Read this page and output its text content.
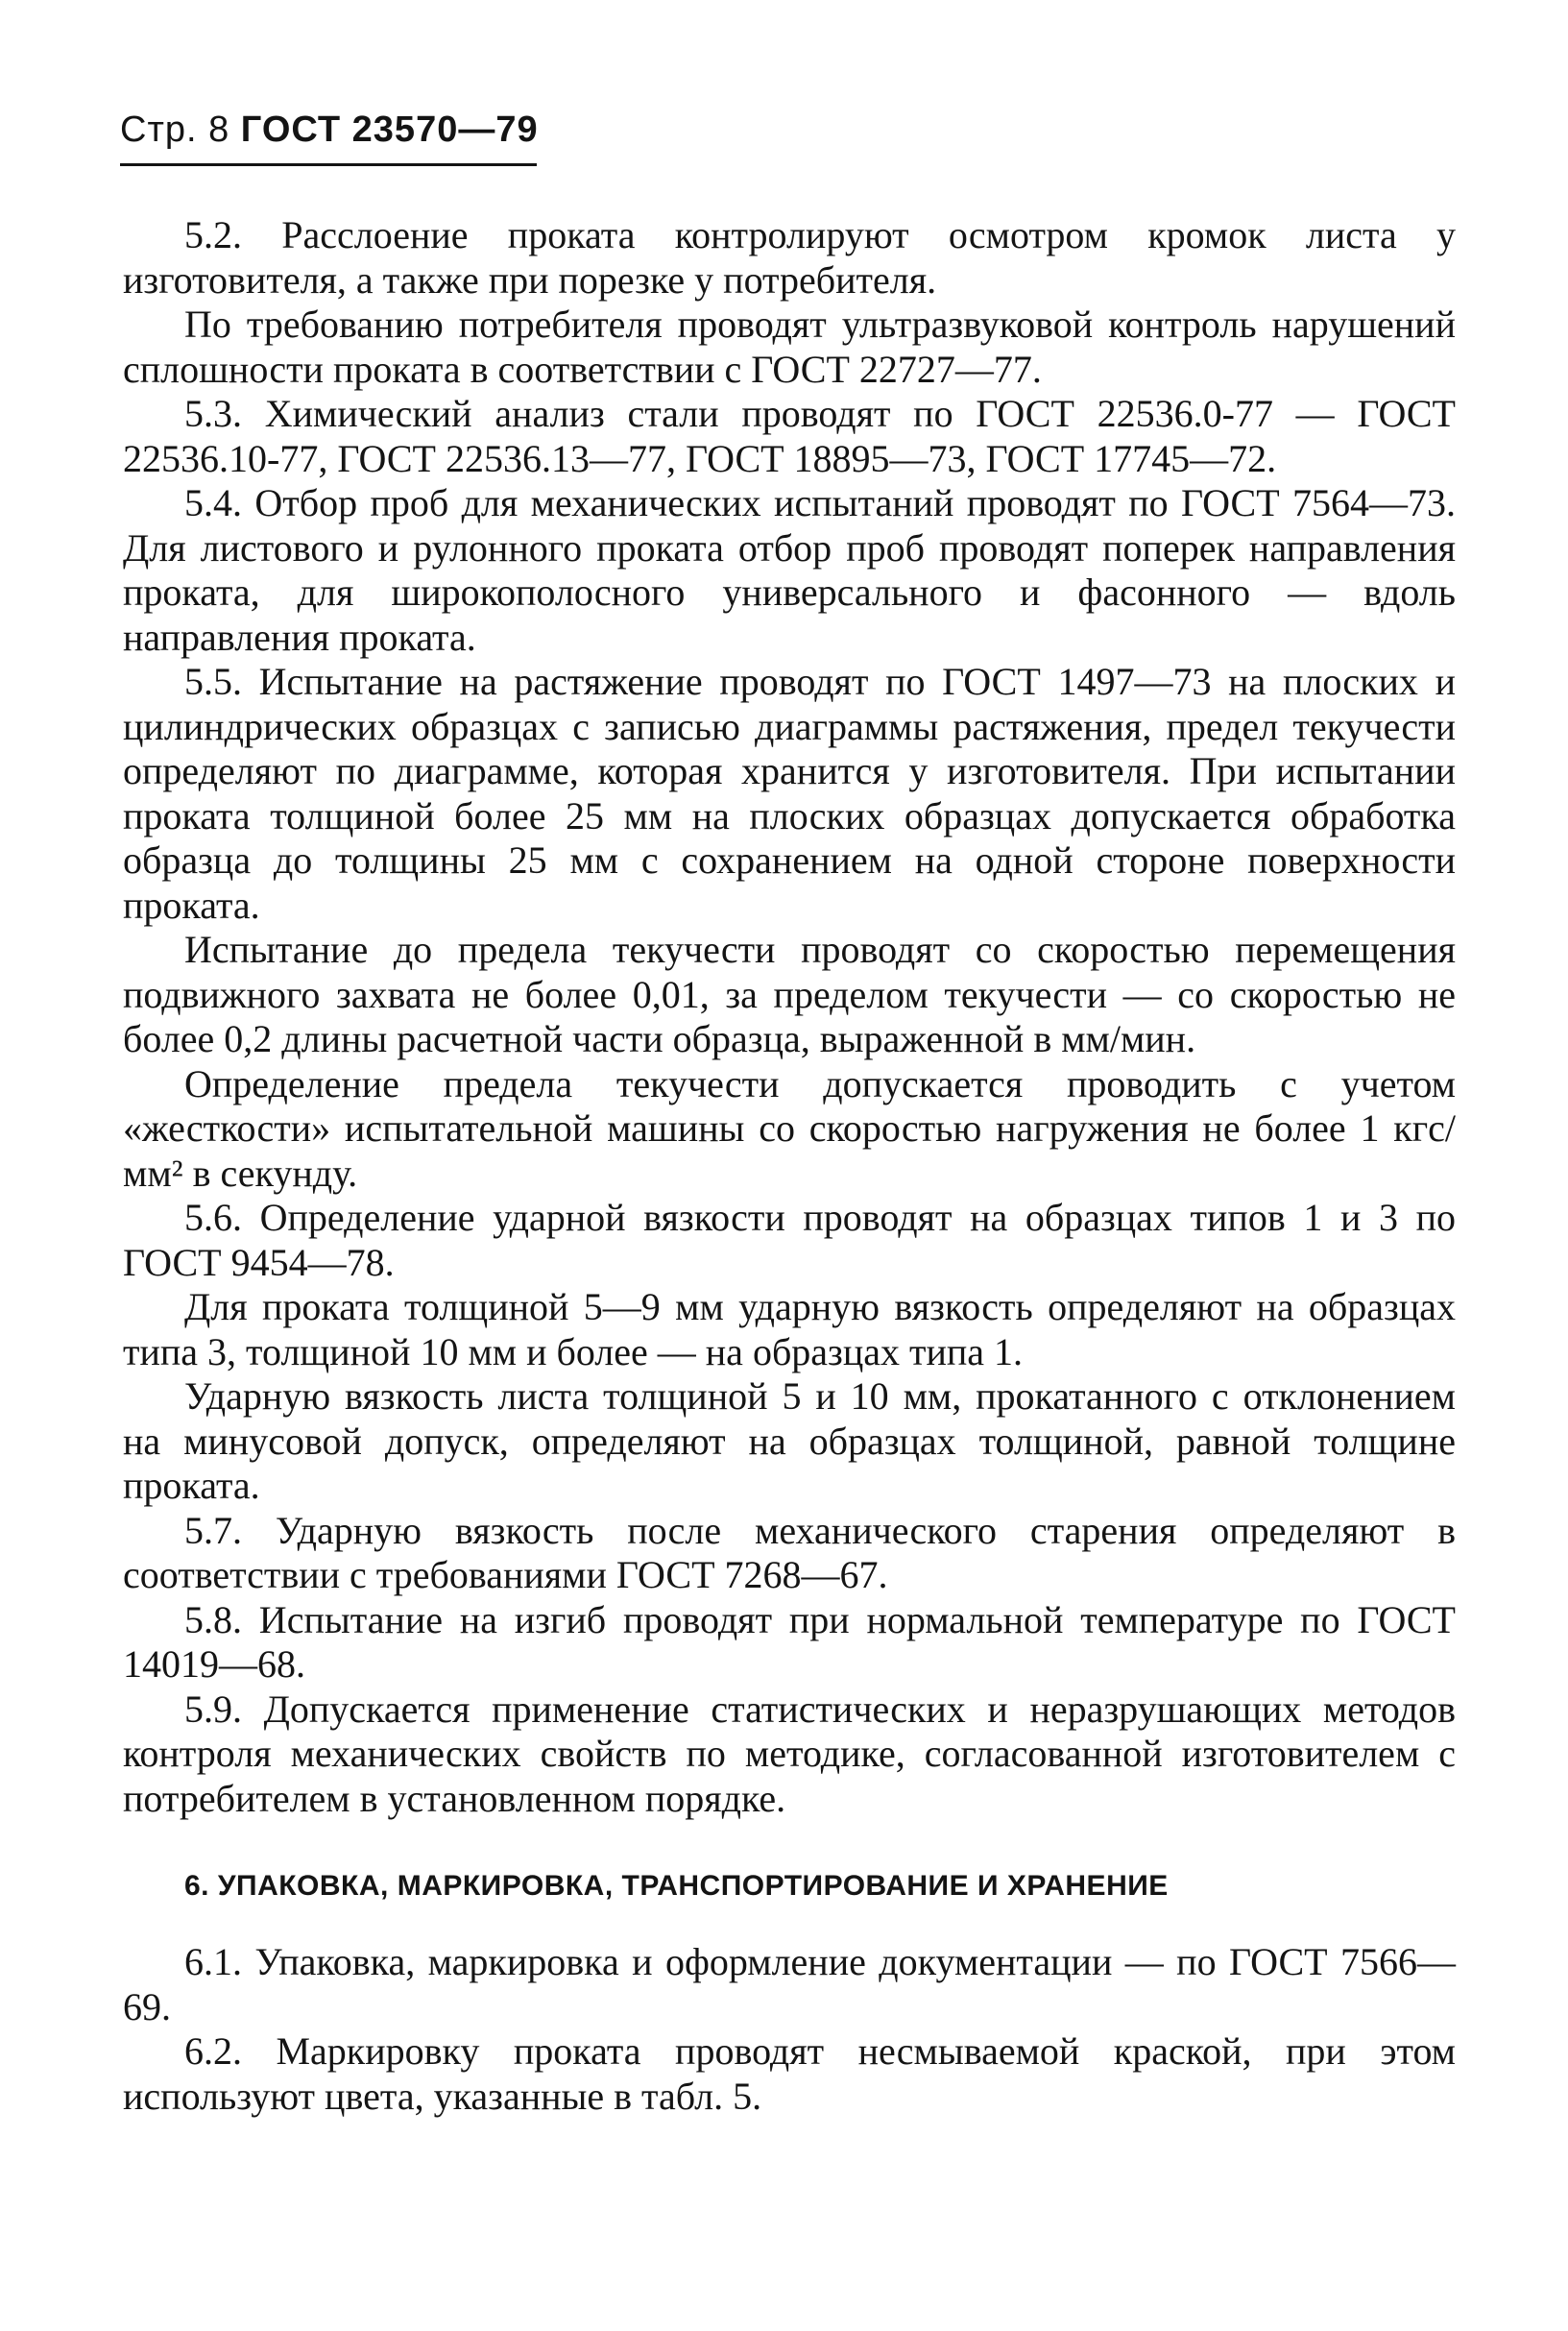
Стр. 8 ГОСТ 23570—79

5.2. Расслоение проката контролируют осмотром кромок листа у изготовителя, а также при порезке у потребителя.

По требованию потребителя проводят ультразвуковой контроль нарушений сплошности проката в соответствии с ГОСТ 22727—77.

5.3. Химический анализ стали проводят по ГОСТ 22536.0-77 — ГОСТ 22536.10-77, ГОСТ 22536.13—77, ГОСТ 18895—73, ГОСТ 17745—72.

5.4. Отбор проб для механических испытаний проводят по ГОСТ 7564—73. Для листового и рулонного проката отбор проб проводят поперек направления проката, для широкополосного универсального и фасонного — вдоль направления проката.

5.5. Испытание на растяжение проводят по ГОСТ 1497—73 на плоских и цилиндрических образцах с записью диаграммы растяжения, предел текучести определяют по диаграмме, которая хранится у изготовителя. При испытании проката толщиной более 25 мм на плоских образцах допускается обработка образца до толщины 25 мм с сохранением на одной стороне поверхности проката.

Испытание до предела текучести проводят со скоростью перемещения подвижного захвата не более 0,01, за пределом текучести — со скоростью не более 0,2 длины расчетной части образца, выраженной в мм/мин.

Определение предела текучести допускается проводить с учетом «жесткости» испытательной машины со скоростью нагружения не более 1 кгс/мм² в секунду.

5.6. Определение ударной вязкости проводят на образцах типов 1 и 3 по ГОСТ 9454—78.

Для проката толщиной 5—9 мм ударную вязкость определяют на образцах типа 3, толщиной 10 мм и более — на образцах типа 1.

Ударную вязкость листа толщиной 5 и 10 мм, прокатанного с отклонением на минусовой допуск, определяют на образцах толщиной, равной толщине проката.

5.7. Ударную вязкость после механического старения определяют в соответствии с требованиями ГОСТ 7268—67.

5.8. Испытание на изгиб проводят при нормальной температуре по ГОСТ 14019—68.

5.9. Допускается применение статистических и неразрушающих методов контроля механических свойств по методике, согласованной изготовителем с потребителем в установленном порядке.

6. УПАКОВКА, МАРКИРОВКА, ТРАНСПОРТИРОВАНИЕ И ХРАНЕНИЕ

6.1. Упаковка, маркировка и оформление документации — по ГОСТ 7566—69.

6.2. Маркировку проката проводят несмываемой краской, при этом используют цвета, указанные в табл. 5.
